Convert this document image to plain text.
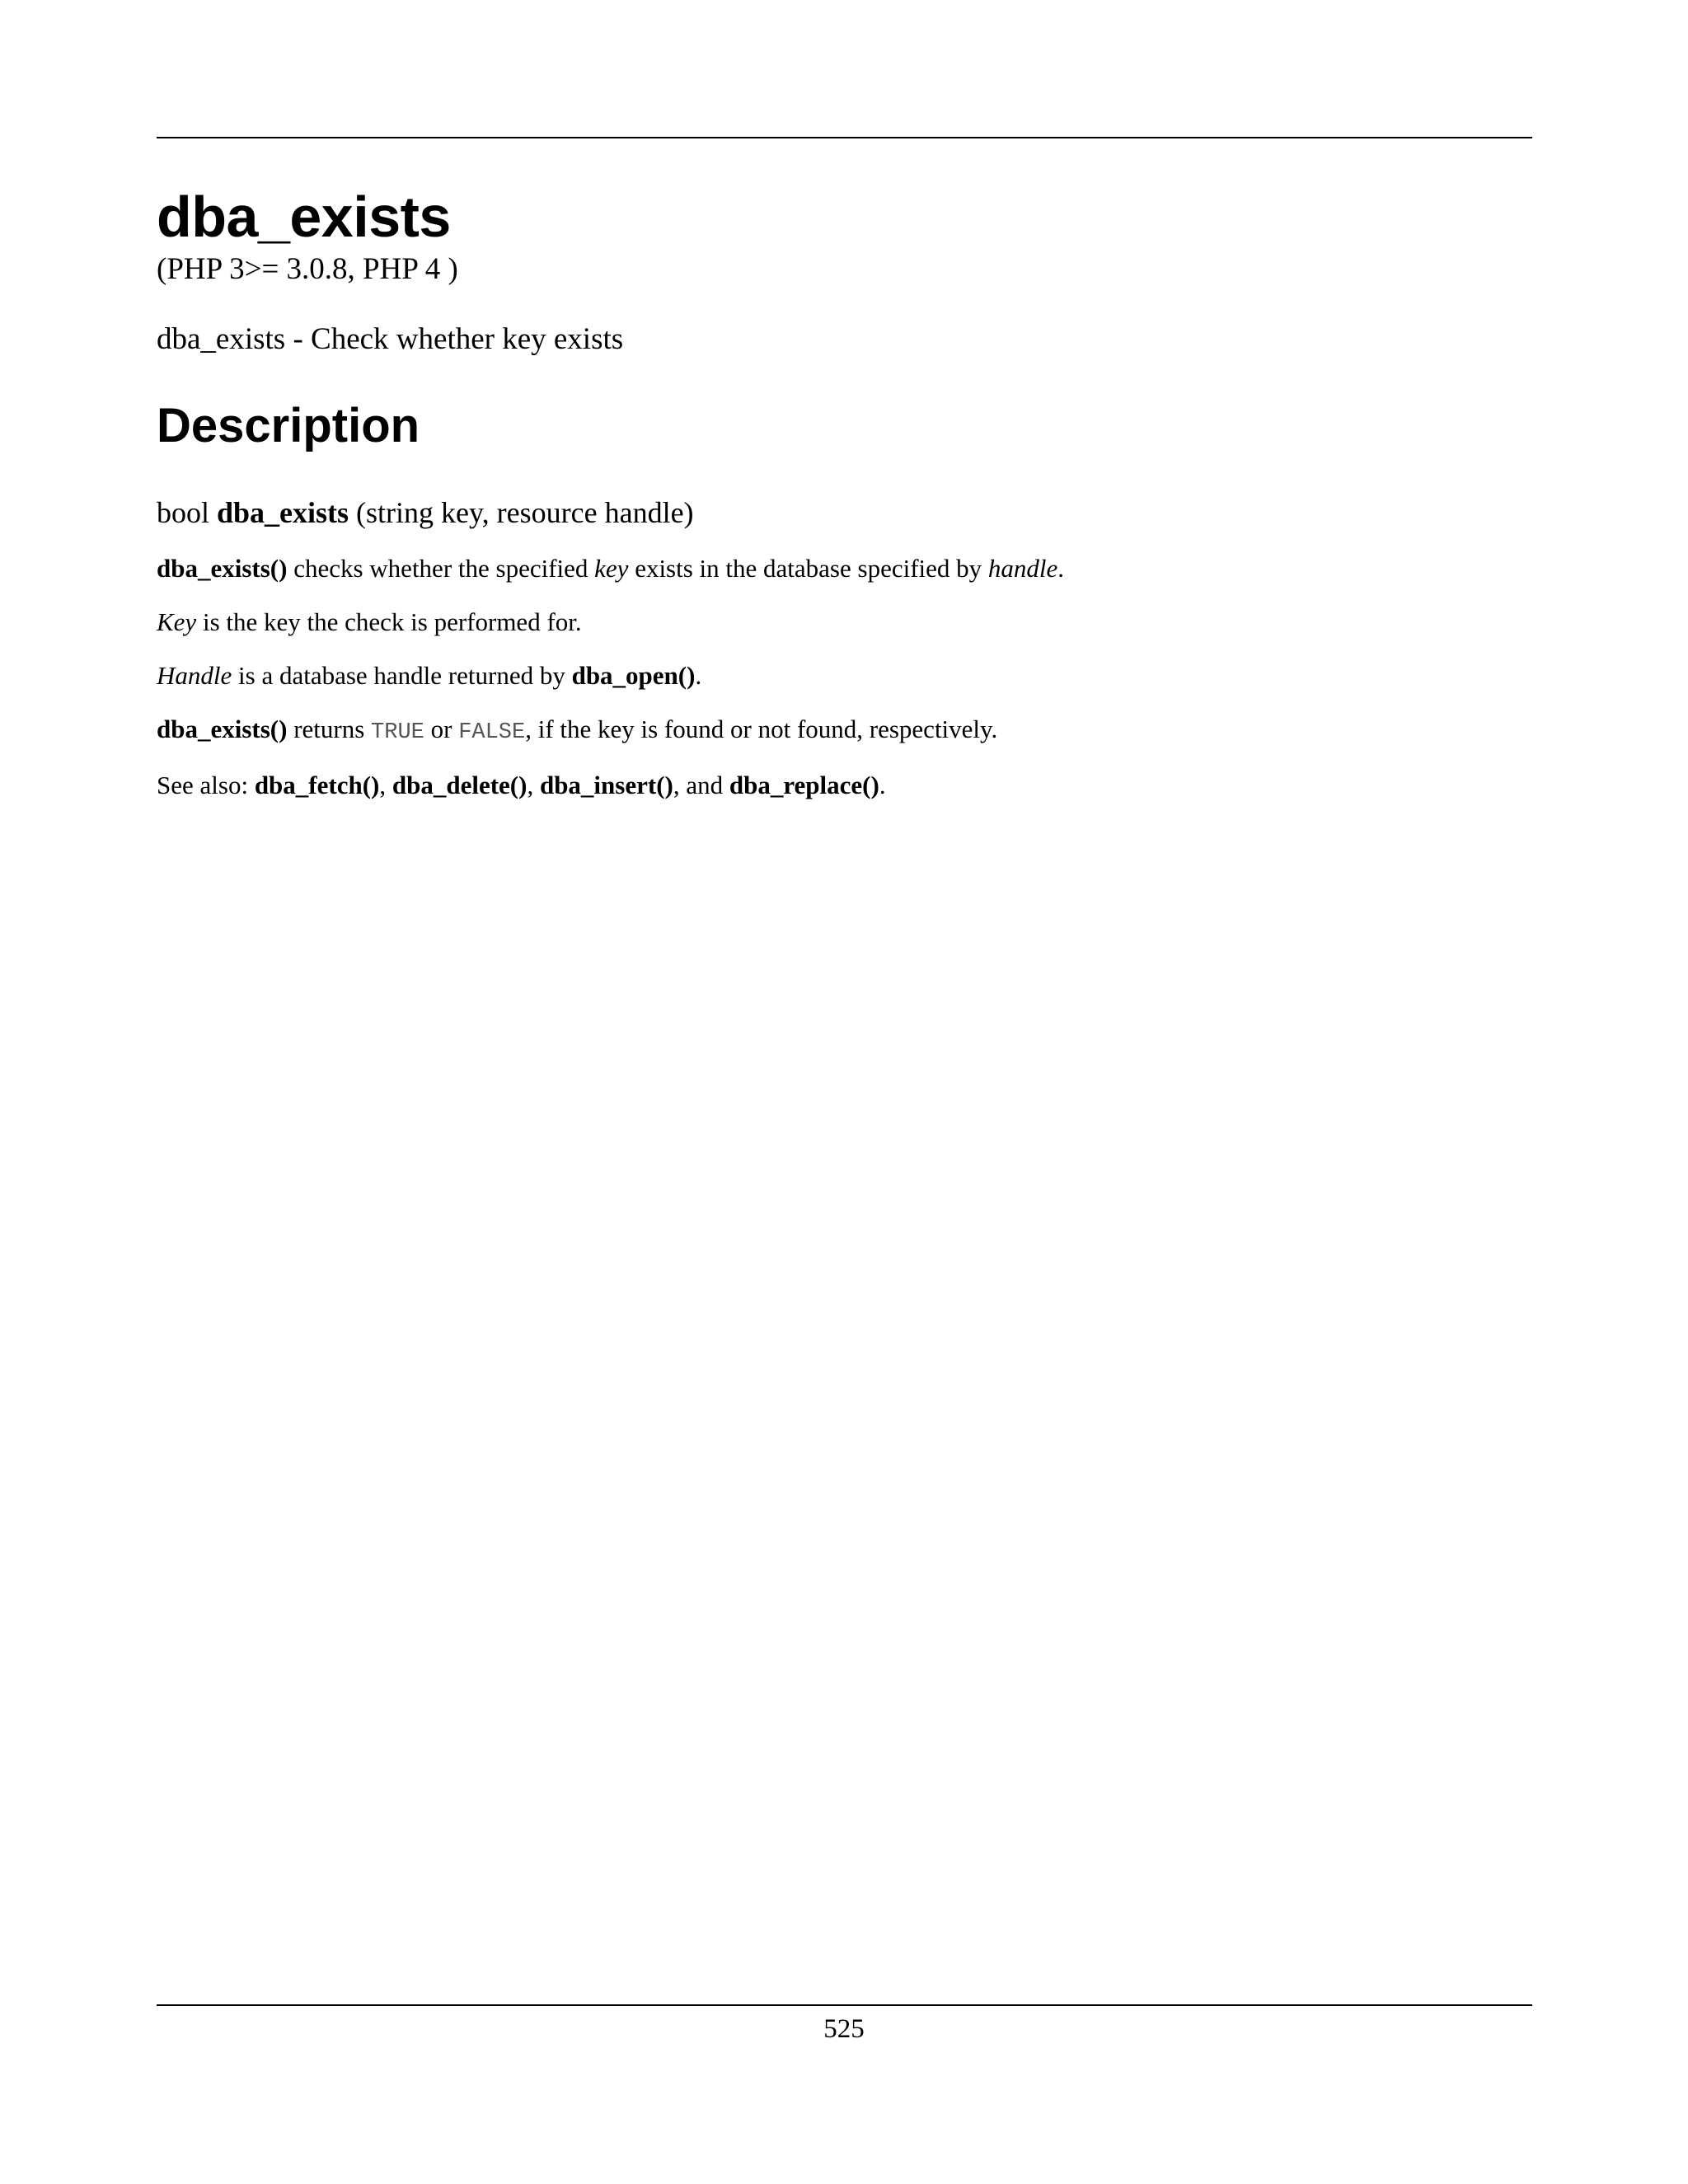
dba_exists

(PHP 3>= 3.0.8, PHP 4 )

dba_exists - Check whether key exists

Description

bool dba_exists (string key, resource handle)

dba_exists() checks whether the specified key exists in the database specified by handle.

Key is the key the check is performed for.

Handle is a database handle returned by dba_open().

dba_exists() returns TRUE or FALSE, if the key is found or not found, respectively.

See also: dba_fetch(), dba_delete(), dba_insert(), and dba_replace().

525
